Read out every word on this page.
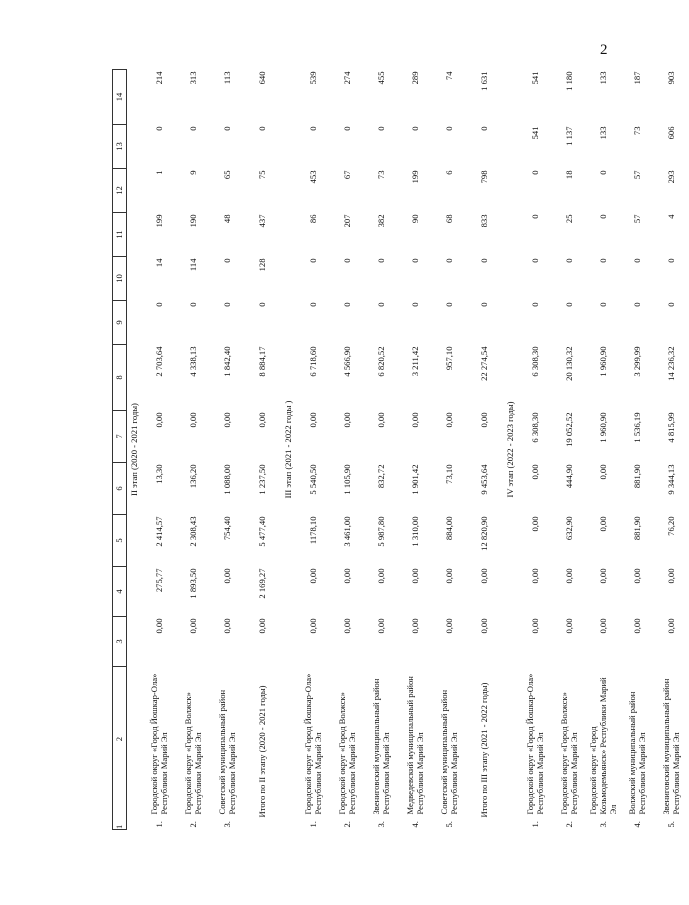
2
1
2		3	4	5	6	7	8	9	10	11	12	13	14
II этап (2020 - 2021 годы)													
1.	Городской округ «Город Йошкар-Ола» Республики Марий Эл	0,00	275,77	2 414,57	13,30	0,00	2 703,64	0	14	199	1	0	214
2.	Городской округ «Город Волжск» Республики Марий Эл	0,00	1 893,50	2 308,43	136,20	0,00	4 338,13	0	114	190	9	0	313
3.	Советский муниципальный район Республики Марий Эл	0,00	0,00	754,40	1 088,00	0,00	1 842,40	0	0	48	65	0	113
Итого по II этапу (2020 - 2021 годы)		0,00	2 169,27	5 477,40	1 237,50	0,00	8 884,17	0	128	437	75	0	640
III этап (2021 - 2022 годы )													
1.	Городской округ «Город Йошкар-Ола» Республики Марий Эл	0,00	0,00	1178,10	5 540,50	0,00	6 718,60	0	0	86	453	0	539
2.	Городской округ «Город Волжск» Республики Марий Эл	0,00	0,00	3 461,00	1 105,90	0,00	4 566,90	0	0	207	67	0	274
3.	Звениговский муниципальный район Республики Марий Эл	0,00	0,00	5 987,80	832,72	0,00	6 820,52	0	0	382	73	0	455
4.	Медведевский муниципальный район Республики Марий Эл	0,00	0,00	1 310,00	1 901,42	0,00	3 211,42	0	0	90	199	0	289
5.	Советский муниципальный район Республики Марий Эл	0,00	0,00	884,00	73,10	0,00	957,10	0	0	68	6	0	74
Итого по III этапу (2021 - 2022 годы)		0,00	0,00	12 820,90	9 453,64	0,00	22 274,54	0	0	833	798	0	1 631
IV этап (2022 - 2023 годы)													
1.	Городской округ «Город Йошкар-Ола» Республики Марий Эл	0,00	0,00	0,00	0,00	6 308,30	6 308,30	0	0	0	0	541	541
2.	Городской округ «Город Волжск» Республики Марий Эл	0,00	0,00	632,90	444,90	19 052,52	20 130,32	0	0	25	18	1 137	1 180
3.	Городской округ «Город Козьмодемьянск» Республики Марий Эл	0,00	0,00	0,00	0,00	1 960,90	1 960,90	0	0	0	0	133	133
4.	Волжский муниципальный район Республики Марий Эл	0,00	0,00	881,90	881,90	1 536,19	3 299,99	0	0	57	57	73	187
5.	Звениговский муниципальный район Республики Марий Эл	0,00	0,00	76,20	9 344,13	4 815,99	14 236,32	0	0	4	293	606	903
